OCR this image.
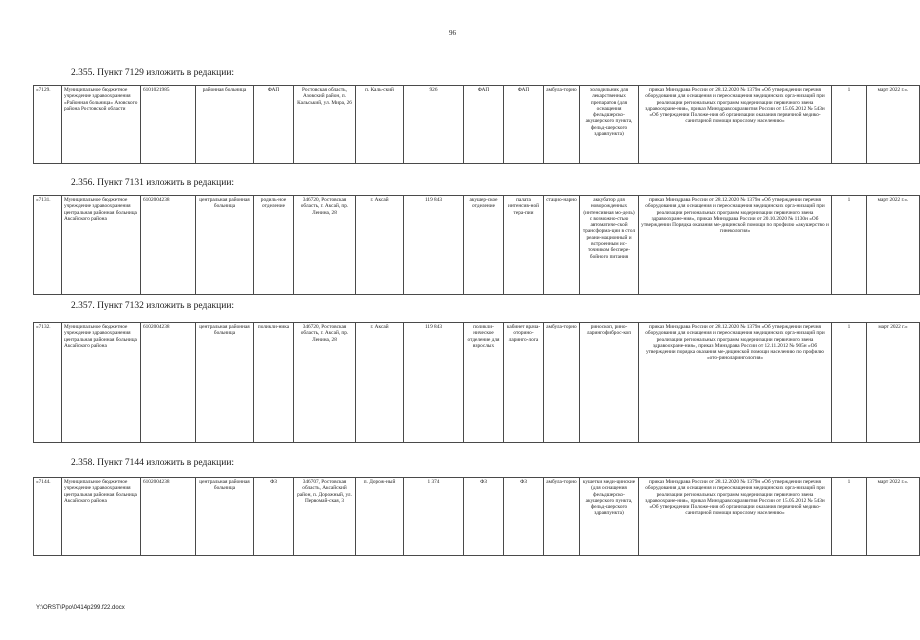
96
2.355. Пункт 7129 изложить в редакции:
«7129.	Муниципальное бюджетное учреждение здравоохранения «Районная больница» Азовского района Ростовской области	6101021985	районная больница	ФАП	Ростовская область, Азовский район, п. Кальський, ул. Мира, 26	п. Каль-ский	926	ФАП	ФАП	амбула-торно	холодильник для лекарственных препаратов (для оснащения фельдшерско-акушерского пункта, фельд-шерского здравпункта)	приказ Минздрава России от 28.12.2020 № 1379н «Об утверждении перечня оборудования для оснащения и переоснащения медицинских орга-низаций при реализации региональных программ модернизации первичного звена здравоохране-ния», приказ Минздравсоцразвития России от 15.05.2012 № 543н «Об утверждении Положе-ния об организации оказания первичной медико-санитарной помощи взрослому населению»	1	март 2022 г.».
2.356. Пункт 7131 изложить в редакции:
«7131.	Муниципальное бюджетное учреждение здравоохранения центральная районная больница Аксайского района	6102004238	центральная районная больница	родиль-ное отделение	346720, Ростовская область, г. Аксай, пр. Ленина, 28	г. Аксай	119 843	акушер-ское отделение	палата интенсив-ной тера-пии	стацио-нарно	аккубатор для новорожденных (интенсивная мо-дель) с возможно-стью автоматиче-ской трансформа-ции в стол реани-мационный и встроенным ис-точником бесперe-бойного питания	приказ Минздрава России от 28.12.2020 № 1379н «Об утверждении перечня оборудования для оснащения и переоснащения медицинских орга-низаций при реализации региональных программ модернизации первичного звена здравоохране-ния», приказ Минздрава России от 20.10.2020 № 1130н «Об утверждении Порядка оказания ме-дицинской помощи по профилю «акушерство и гинекология»	1	март 2022 г.».
2.357. Пункт 7132 изложить в редакции:
«7132.	Муниципальное бюджетное учреждение здравоохранения центральная районная больница Аксайского района	6102004238	центральная районная больница	поликли-ника	346720, Ростовская область, г. Аксай, пр. Ленина, 28	г. Аксай	119 843	поликли-ническое отделение для взрослых	кабинет врача-оторино-ларинго-лога	амбула-торно	риноскоп, рино-ларингофиброс-коп	приказ Минздрава России от 28.12.2020 № 1379н «Об утверждении перечня оборудования для оснащения и переоснащения медицинских орга-низаций при реализации региональных программ модернизации первичного звена здравоохране-ния», приказ Минздрава России от 12.11.2012 № 905н «Об утверждении порядка оказания ме-дицинской помощи населению по профилю «ото-риноларингология»	1	март 2022 г.»
2.358. Пункт 7144 изложить в редакции:
«7144.	Муниципальное бюджетное учреждение здравоохранения центральная районная больница Аксайского района	6102004238	центральная районная больница	ФЗ	346707, Ростовская область, Аксайский район, п. Дорожный, ул. Первомай-ская, 3	п. Дорож-ный	1 374	ФЗ	ФЗ	амбула-торно	кушетки меди-цинские (для оснащения фельдшерско-акушерского пункта, фельд-шерского здравпункта)	приказ Минздрава России от 28.12.2020 № 1379н «Об утверждении перечня оборудования для оснащения и переоснащения медицинских орга-низаций при реализации региональных программ модернизации первичного звена здравоохране-ния», приказ Минздравсоцразвития России от 15.05.2012 № 543н «Об утверждении Положе-ния об организации оказания первичной медико-санитарной помощи взрослому населению»	1	март 2022 г.».
Y:\ORST\Ppo\0414p299.f22.docx
